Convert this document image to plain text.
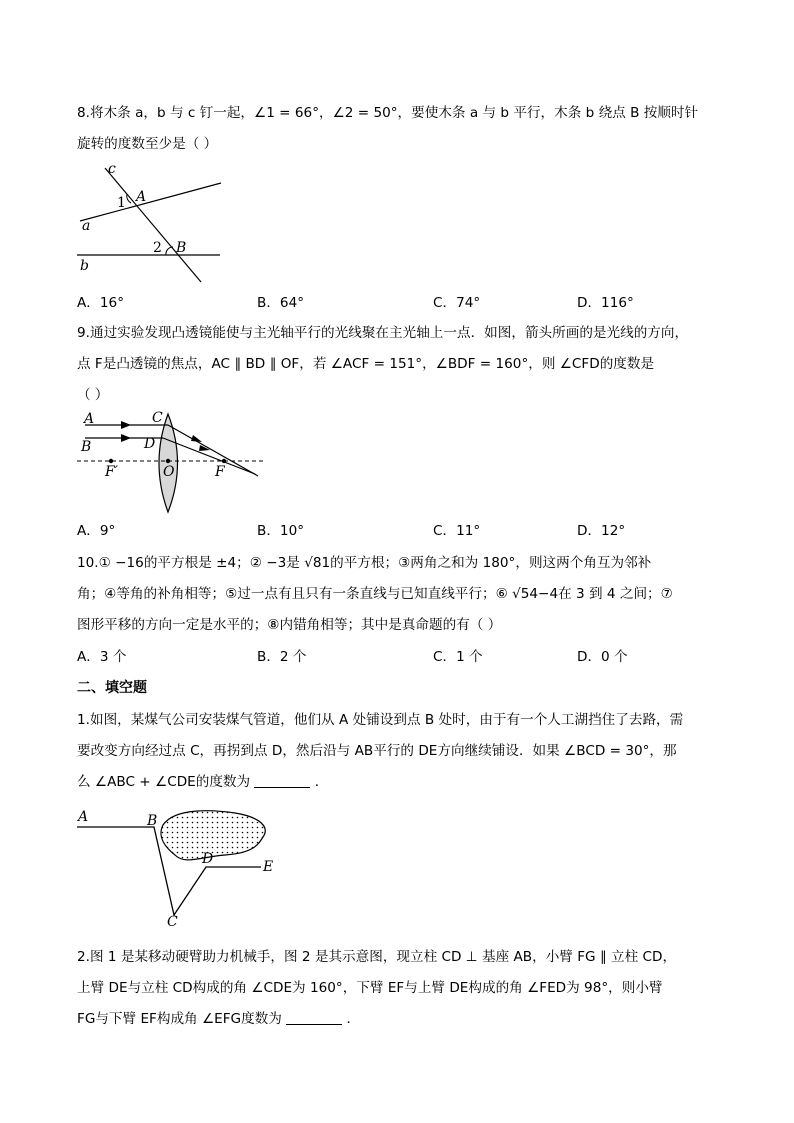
8.将木条 a，b 与 c 钉一起，∠1 = 66°，∠2 = 50°，要使木条 a 与 b 平行，木条 b 绕点 B 按顺时针
旋转的度数至少是（ ）
c
a
b
A
B
1
2
A．16°	B．64°	C．74°	D．116°
9.通过实验发现凸透镜能使与主光轴平行的光线聚在主光轴上一点．如图，箭头所画的是光线的方向，
点 F是凸透镜的焦点，AC ∥ BD ∥ OF，若 ∠ACF = 151°，∠BDF = 160°，则 ∠CFD的度数是
（ ）
A
B
C
D
O	F
F′
A．9°	B．10°	C．11°	D．12°
10.① −16的平方根是 ±4；② −3是 √81的平方根；③两角之和为 180°，则这两个角互为邻补
角；④等角的补角相等；⑤过一点有且只有一条直线与已知直线平行；⑥ √54−4在 3 到 4 之间；⑦
图形平移的方向一定是水平的；⑧内错角相等；其中是真命题的有（ ）
A．3 个	B．2 个	C．1 个	D．0 个
二、填空题
1.如图，某煤气公司安装煤气管道，他们从 A 处铺设到点 B 处时，由于有一个人工湖挡住了去路，需
要改变方向经过点 C，再拐到点 D，然后沿与 AB平行的 DE方向继续铺设．如果 ∠BCD = 30°，那
么 ∠ABC + ∠CDE的度数为	．
A	B
C
D	E
2.图 1 是某移动硬臂助力机械手，图 2 是其示意图，现立柱 CD ⊥ 基座 AB，小臂 FG ∥ 立柱 CD，
上臂 DE与立柱 CD构成的角 ∠CDE为 160°，下臂 EF与上臂 DE构成的角 ∠FED为 98°，则小臂
FG与下臂 EF构成角 ∠EFG度数为	．
